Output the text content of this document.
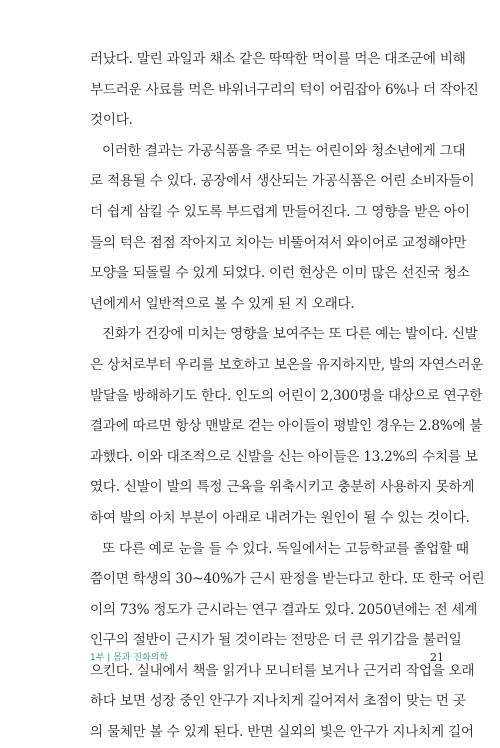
러났다. 말린 과일과 채소 같은 딱딱한 먹이를 먹은 대조군에 비해
부드러운 사료를 먹은 바위너구리의 턱이 어림잡아 6%나 더 작아진
것이다.

이러한 결과는 가공식품을 주로 먹는 어린이와 청소년에게 그대
로 적용될 수 있다. 공장에서 생산되는 가공식품은 어린 소비자들이
더 쉽게 삼킬 수 있도록 부드럽게 만들어진다. 그 영향을 받은 아이
들의 턱은 점점 작아지고 치아는 비뚤어져서 와이어로 교정해야만
모양을 되돌릴 수 있게 되었다. 이런 현상은 이미 많은 선진국 청소
년에게서 일반적으로 볼 수 있게 된 지 오래다.

진화가 건강에 미치는 영향을 보여주는 또 다른 예는 발이다. 신발
은 상처로부터 우리를 보호하고 보온을 유지하지만, 발의 자연스러운
발달을 방해하기도 한다. 인도의 어린이 2,300명을 대상으로 연구한
결과에 따르면 항상 맨발로 걷는 아이들이 평발인 경우는 2.8%에 불
과했다. 이와 대조적으로 신발을 신는 아이들은 13.2%의 수치를 보
였다. 신발이 발의 특정 근육을 위축시키고 충분히 사용하지 못하게
하여 발의 아치 부분이 아래로 내려가는 원인이 될 수 있는 것이다.

또 다른 예로 눈을 들 수 있다. 독일에서는 고등학교를 졸업할 때
쯤이면 학생의 30~40%가 근시 판정을 받는다고 한다. 또 한국 어린
이의 73% 정도가 근시라는 연구 결과도 있다. 2050년에는 전 세계
인구의 절반이 근시가 될 것이라는 전망은 더 큰 위기감을 불러일
으킨다. 실내에서 책을 읽거나 모니터를 보거나 근거리 작업을 오래
하다 보면 성장 중인 안구가 지나치게 길어져서 초점이 맞는 먼 곳
의 물체만 볼 수 있게 된다. 반면 실외의 빛은 안구가 지나치게 길어

1부 | 몸과 진화의학	21
